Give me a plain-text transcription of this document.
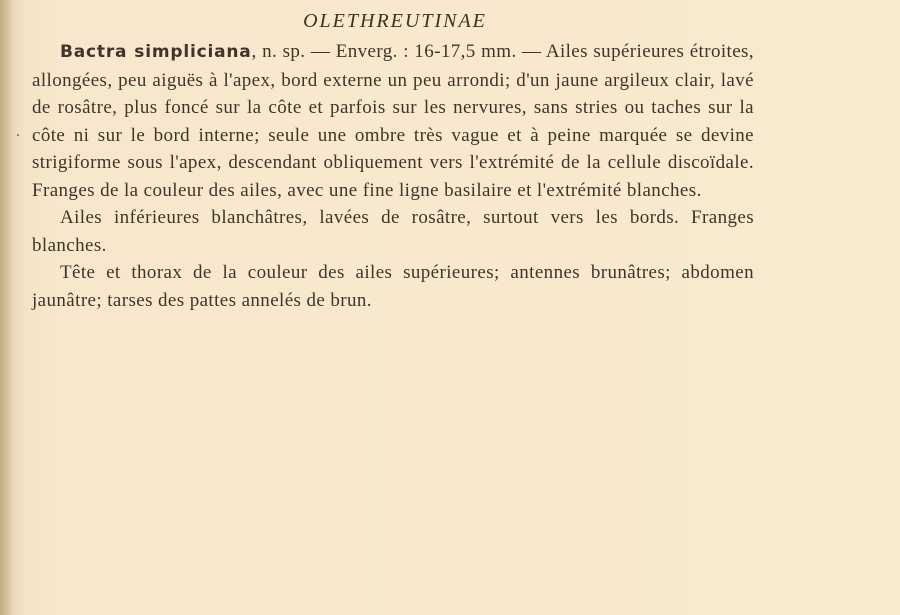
.
OLETHREUTINAE

Bactra simpliciana, n. sp. — Enverg. : 16-17,5 mm. — Ailes supérieures étroites, allongées, peu aiguës à l'apex, bord externe un peu arrondi; d'un jaune argileux clair, lavé de rosâtre, plus foncé sur la côte et parfois sur les nervures, sans stries ou taches sur la côte ni sur le bord interne; seule une ombre très vague et à peine marquée se devine strigiforme sous l'apex, descendant obliquement vers l'extrémité de la cellule discoïdale. Franges de la couleur des ailes, avec une fine ligne basilaire et l'extrémité blanches.

Ailes inférieures blanchâtres, lavées de rosâtre, surtout vers les bords. Franges blanches.

Tête et thorax de la couleur des ailes supérieures; antennes brunâtres; abdomen jaunâtre; tarses des pattes annelés de brun.
